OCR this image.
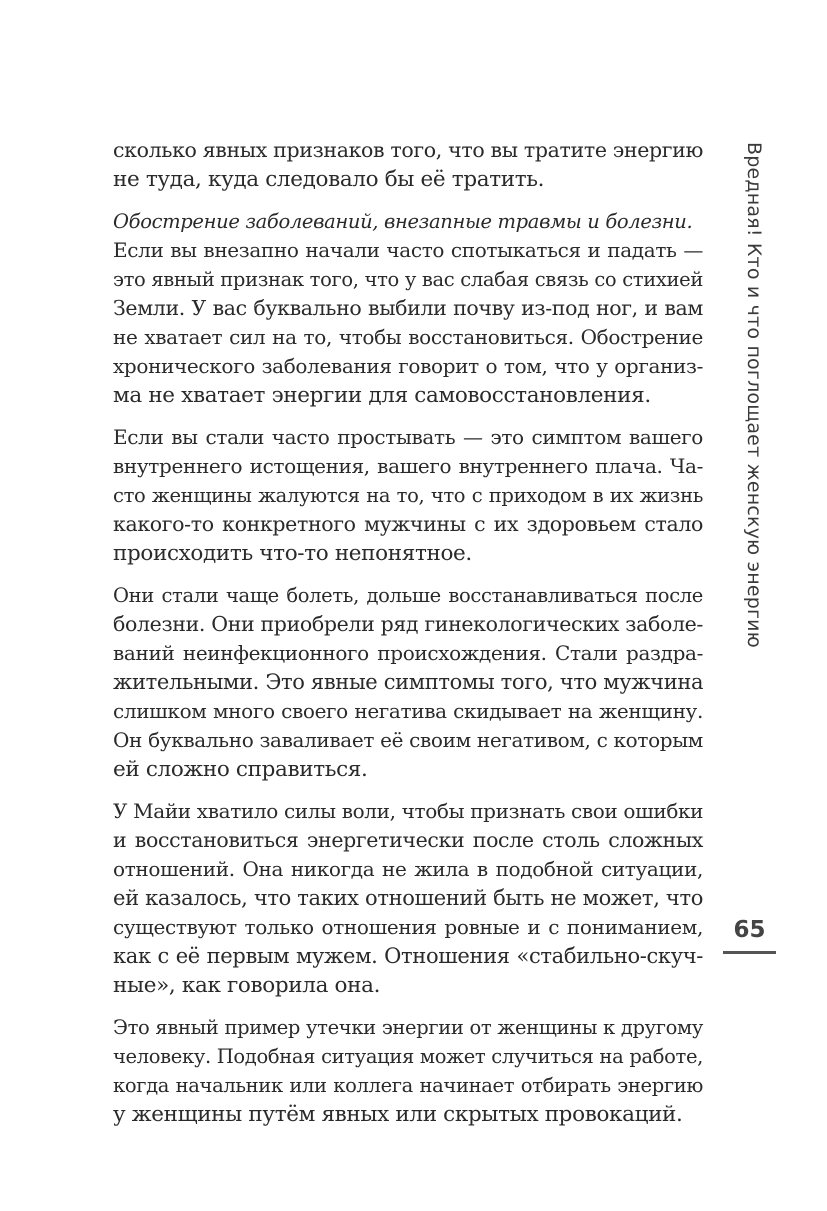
сколько явных признаков того, что вы тратите энергию
не туда, куда следовало бы её тратить.
Обострение заболеваний, внезапные травмы и болезни.
Если вы внезапно начали часто спотыкаться и падать —
это явный признак того, что у вас слабая связь со стихией
Земли. У вас буквально выбили почву из-под ног, и вам
не хватает сил на то, чтобы восстановиться. Обострение
хронического заболевания говорит о том, что у организ-
ма не хватает энергии для самовосстановления.
Если вы стали часто простывать — это симптом вашего
внутреннего истощения, вашего внутреннего плача. Ча-
сто женщины жалуются на то, что с приходом в их жизнь
какого-то конкретного мужчины с их здоровьем стало
происходить что-то непонятное.
Они стали чаще болеть, дольше восстанавливаться после
болезни. Они приобрели ряд гинекологических заболе-
ваний неинфекционного происхождения. Стали раздра-
жительными. Это явные симптомы того, что мужчина
слишком много своего негатива скидывает на женщину.
Он буквально заваливает её своим негативом, с которым
ей сложно справиться.
У Майи хватило силы воли, чтобы признать свои ошибки
и восстановиться энергетически после столь сложных
отношений. Она никогда не жила в подобной ситуации,
ей казалось, что таких отношений быть не может, что
существуют только отношения ровные и с пониманием,
как с её первым мужем. Отношения «стабильно-скуч-
ные», как говорила она.
Это явный пример утечки энергии от женщины к другому
человеку. Подобная ситуация может случиться на работе,
когда начальник или коллега начинает отбирать энергию
у женщины путём явных или скрытых провокаций.
Вредная! Кто и что поглощает женскую энергию
65
